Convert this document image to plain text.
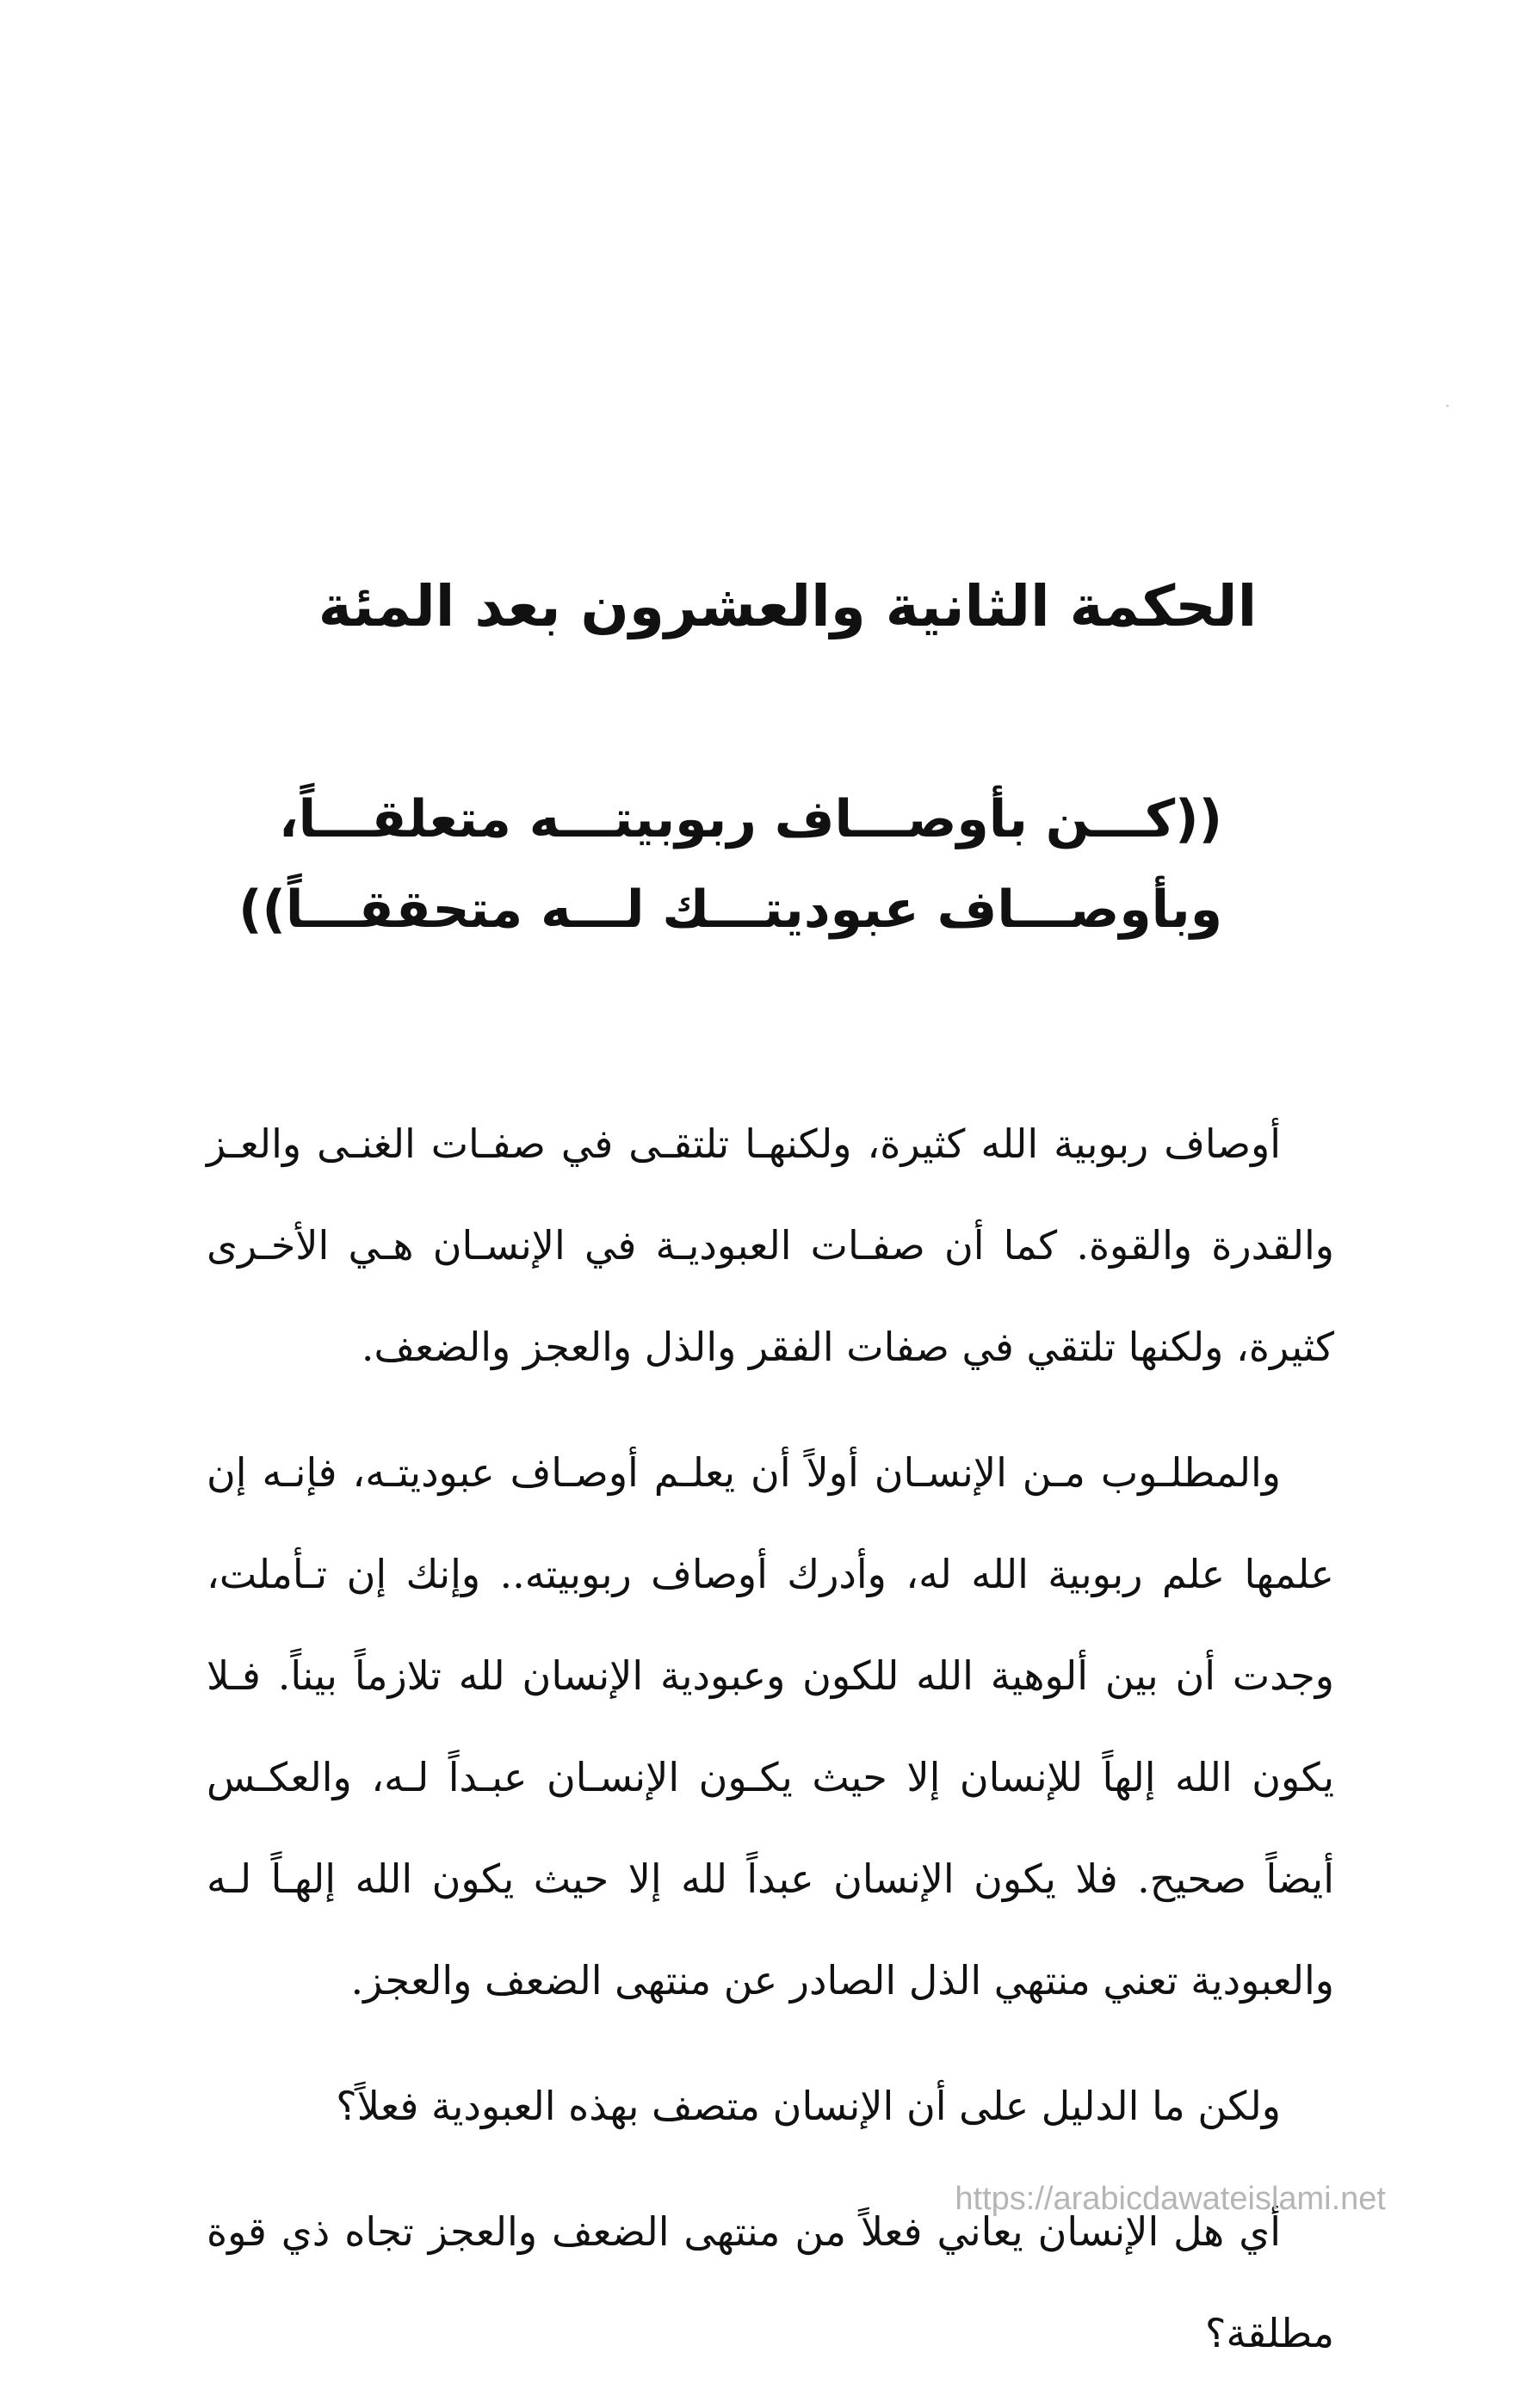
الحكمة الثانية والعشرون بعد المئة
((كـــن بأوصـــاف ربوبيتـــه متعلقـــاً،
وبأوصـــاف عبوديتـــك لـــه متحققـــاً))

أوصاف ربوبية الله كثيرة، ولكنهـا تلتقـى في صفـات الغنـى والعـز والقدرة والقوة. كما أن صفـات العبوديـة في الإنسـان هـي الأخـرى كثيرة، ولكنها تلتقي في صفات الفقر والذل والعجز والضعف.

والمطلـوب مـن الإنسـان أولاً أن يعلـم أوصـاف عبوديتـه، فإنـه إن علمها علم ربوبية الله له، وأدرك أوصاف ربوبيته.. وإنك إن تـأملت، وجدت أن بين ألوهية الله للكون وعبودية الإنسان لله تلازماً بيناً. فـلا يكون الله إلهاً للإنسان إلا حيث يكـون الإنسـان عبـداً لـه، والعكـس أيضاً صحيح. فلا يكون الإنسان عبداً لله إلا حيث يكون الله إلهـاً لـه والعبودية تعني منتهي الذل الصادر عن منتهى الضعف والعجز.

ولكن ما الدليل على أن الإنسان متصف بهذه العبودية فعلاً؟

أي هل الإنسان يعاني فعلاً من منتهى الضعف والعجز تجاه ذي قوة مطلقة؟

https://arabicdawateislami.net
